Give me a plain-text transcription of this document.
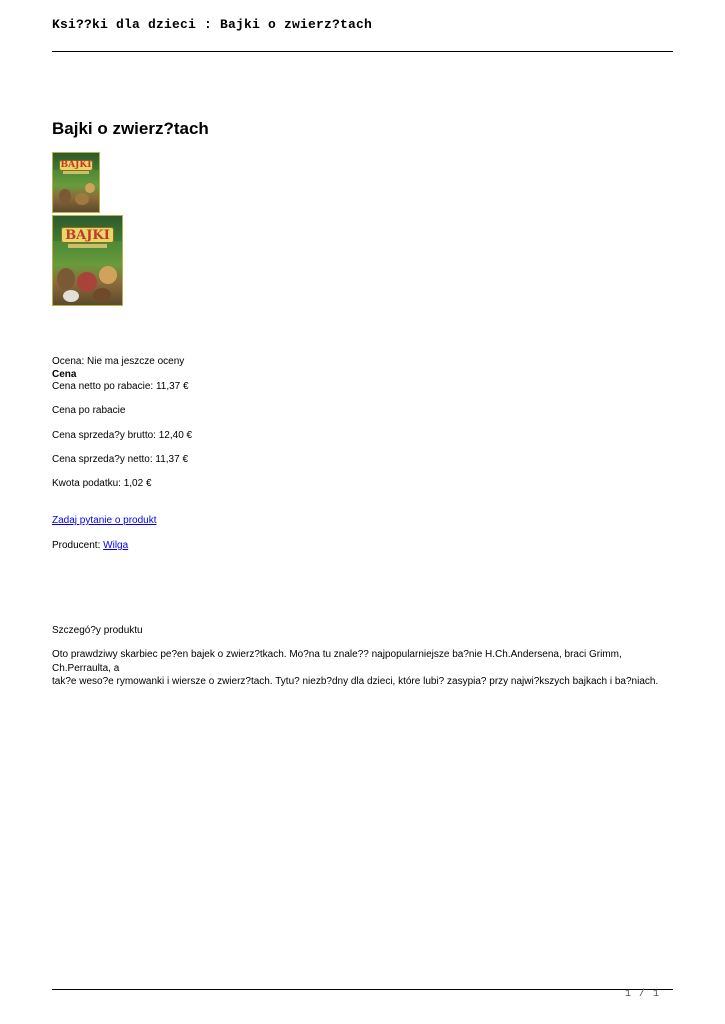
Ksi??ki dla dzieci : Bajki o zwierz?tach
Bajki o zwierz?tach
BAJKI
BAJKI
Ocena: Nie ma jeszcze oceny
Cena
Cena netto po rabacie: 11,37 €
Cena po rabacie
Cena sprzeda?y brutto: 12,40 €
Cena sprzeda?y netto: 11,37 €
Kwota podatku: 1,02 €
Zadaj pytanie o produkt
Producent: Wilga
Szczegó?y produktu
Oto prawdziwy skarbiec pe?en bajek o zwierz?tkach. Mo?na tu znale?? najpopularniejsze ba?nie H.Ch.Andersena, braci Grimm, Ch.Perraulta, a
tak?e weso?e rymowanki i wiersze o zwierz?tach. Tytu? niezb?dny dla dzieci, które lubi? zasypia? przy najwi?kszych bajkach i ba?niach.
1 / 1
